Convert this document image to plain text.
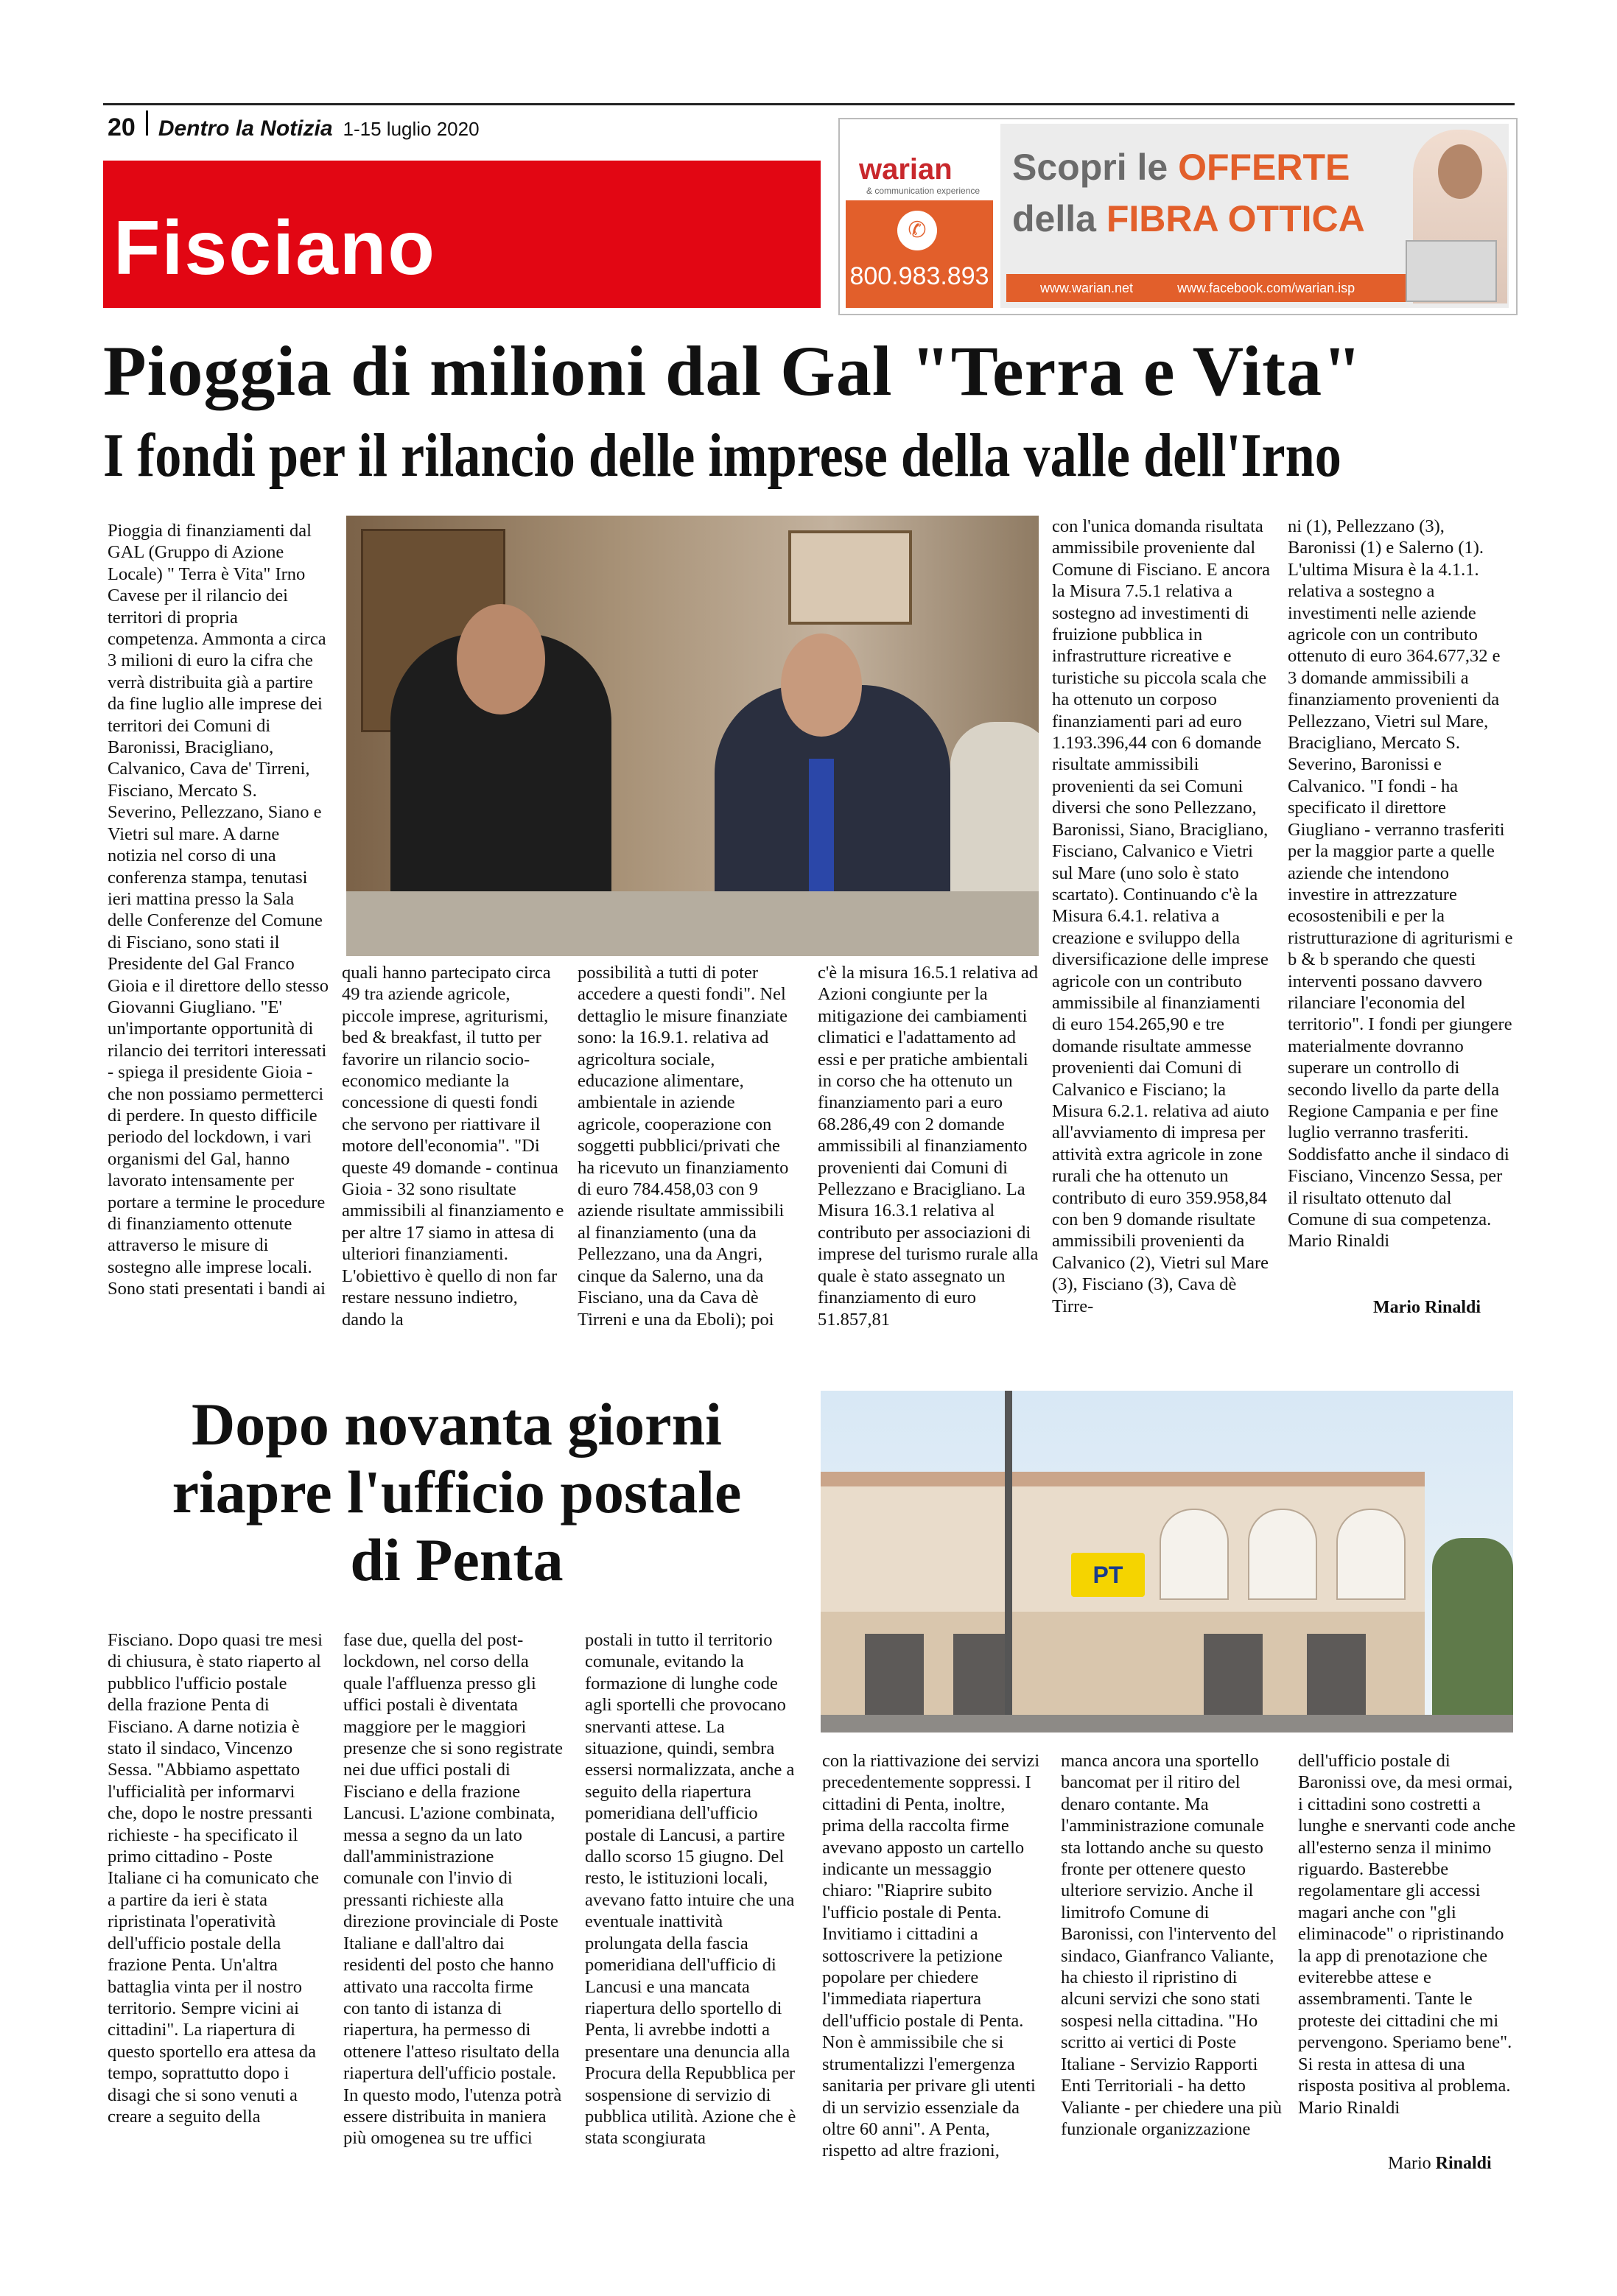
20 Dentro la Notizia 1-15 luglio 2020
Fisciano
warian
& communication experience
✆
800.983.893
Scopri le OFFERTE
della FIBRA OTTICA
www.warian.net	www.facebook.com/warian.isp
Pioggia di milioni dal Gal "Terra e Vita"
I fondi per il rilancio delle imprese della valle dell'Irno

Pioggia di finanziamenti dal GAL (Gruppo di Azione Locale) " Terra è Vita" Irno Cavese per il rilancio dei territori di propria competenza. Ammonta a circa 3 milioni di euro la cifra che verrà distribuita già a partire da fine luglio alle imprese dei territori dei Comuni di Baronissi, Bracigliano, Calvanico, Cava de' Tirreni, Fisciano, Mercato S. Severino, Pellezzano, Siano e Vietri sul mare. A darne notizia nel corso di una conferenza stampa, tenutasi ieri mattina presso la Sala delle Conferenze del Comune di Fisciano, sono stati il Presidente del Gal Franco Gioia e il direttore dello stesso Giovanni Giugliano. "E' un'importante opportunità di rilancio dei territori interessati - spiega il presidente Gioia - che non possiamo permetterci di perdere. In questo difficile periodo del lockdown, i vari organismi del Gal, hanno lavorato intensamente per portare a termine le procedure di finanziamento ottenute attraverso le misure di sostegno alle imprese locali. Sono stati presentati i bandi ai

quali hanno partecipato circa 49 tra aziende agricole, piccole imprese, agriturismi, bed & breakfast, il tutto per favorire un rilancio socio-economico mediante la concessione di questi fondi che servono per riattivare il motore dell'economia". "Di queste 49 domande - continua Gioia - 32 sono risultate ammissibili al finanziamento e per altre 17 siamo in attesa di ulteriori finanziamenti. L'obiettivo è quello di non far restare nessuno indietro, dando la

possibilità a tutti di poter accedere a questi fondi". Nel dettaglio le misure finanziate sono: la 16.9.1. relativa ad agricoltura sociale, educazione alimentare, ambientale in aziende agricole, cooperazione con soggetti pubblici/privati che ha ricevuto un finanziamento di euro 784.458,03 con 9 aziende risultate ammissibili al finanziamento (una da Pellezzano, una da Angri, cinque da Salerno, una da Fisciano, una da Cava dè Tirreni e una da Eboli); poi

c'è la misura 16.5.1 relativa ad Azioni congiunte per la mitigazione dei cambiamenti climatici e l'adattamento ad essi e per pratiche ambientali in corso che ha ottenuto un finanziamento pari a euro 68.286,49 con 2 domande ammissibili al finanziamento provenienti dai Comuni di Pellezzano e Bracigliano. La Misura 16.3.1 relativa al contributo per associazioni di imprese del turismo rurale alla quale è stato assegnato un finanziamento di euro 51.857,81

con l'unica domanda risultata ammissibile proveniente dal Comune di Fisciano. E ancora la Misura 7.5.1 relativa a sostegno ad investimenti di fruizione pubblica in infrastrutture ricreative e turistiche su piccola scala che ha ottenuto un corposo finanziamenti pari ad euro 1.193.396,44 con 6 domande risultate ammissibili provenienti da sei Comuni diversi che sono Pellezzano, Baronissi, Siano, Bracigliano, Fisciano, Calvanico e Vietri sul Mare (uno solo è stato scartato). Continuando c'è la Misura 6.4.1. relativa a creazione e sviluppo della diversificazione delle imprese agricole con un contributo ammissibile al finanziamenti di euro 154.265,90 e tre domande risultate ammesse provenienti dai Comuni di Calvanico e Fisciano; la Misura 6.2.1. relativa ad aiuto all'avviamento di impresa per attività extra agricole in zone rurali che ha ottenuto un contributo di euro 359.958,84 con ben 9 domande risultate ammissibili provenienti da Calvanico (2), Vietri sul Mare (3), Fisciano (3), Cava dè Tirre-

ni (1), Pellezzano (3), Baronissi (1) e Salerno (1). L'ultima Misura è la 4.1.1. relativa a sostegno a investimenti nelle aziende agricole con un contributo ottenuto di euro 364.677,32 e 3 domande ammissibili a finanziamento provenienti da Pellezzano, Vietri sul Mare, Bracigliano, Mercato S. Severino, Baronissi e Calvanico. "I fondi - ha specificato il direttore Giugliano - verranno trasferiti per la maggior parte a quelle aziende che intendono investire in attrezzature ecosostenibili e per la ristrutturazione di agriturismi e b & b sperando che questi interventi possano davvero rilanciare l'economia del territorio". I fondi per giungere materialmente dovranno superare un controllo di secondo livello da parte della Regione Campania e per fine luglio verranno trasferiti. Soddisfatto anche il sindaco di Fisciano, Vincenzo Sessa, per il risultato ottenuto dal Comune di sua competenza.

Mario Rinaldi

Mario Rinaldi
Dopo novanta giorni
riapre l'ufficio postale
di Penta	PT

Fisciano. Dopo quasi tre mesi di chiusura, è stato riaperto al pubblico l'ufficio postale della frazione Penta di Fisciano. A darne notizia è stato il sindaco, Vincenzo Sessa. "Abbiamo aspettato l'ufficialità per informarvi che, dopo le nostre pressanti richieste - ha specificato il primo cittadino - Poste Italiane ci ha comunicato che a partire da ieri è stata ripristinata l'operatività dell'ufficio postale della frazione Penta. Un'altra battaglia vinta per il nostro territorio. Sempre vicini ai cittadini". La riapertura di questo sportello era attesa da tempo, soprattutto dopo i disagi che si sono venuti a creare a seguito della

fase due, quella del post-lockdown, nel corso della quale l'affluenza presso gli uffici postali è diventata maggiore per le maggiori presenze che si sono registrate nei due uffici postali di Fisciano e della frazione Lancusi. L'azione combinata, messa a segno da un lato dall'amministrazione comunale con l'invio di pressanti richieste alla direzione provinciale di Poste Italiane e dall'altro dai residenti del posto che hanno attivato una raccolta firme con tanto di istanza di riapertura, ha permesso di ottenere l'atteso risultato della riapertura dell'ufficio postale. In questo modo, l'utenza potrà essere distribuita in maniera più omogenea su tre uffici

postali in tutto il territorio comunale, evitando la formazione di lunghe code agli sportelli che provocano snervanti attese. La situazione, quindi, sembra essersi normalizzata, anche a seguito della riapertura pomeridiana dell'ufficio postale di Lancusi, a partire dallo scorso 15 giugno. Del resto, le istituzioni locali, avevano fatto intuire che una eventuale inattività prolungata della fascia pomeridiana dell'ufficio di Lancusi e una mancata riapertura dello sportello di Penta, li avrebbe indotti a presentare una denuncia alla Procura della Repubblica per sospensione di servizio di pubblica utilità. Azione che è stata scongiurata

con la riattivazione dei servizi precedentemente soppressi. I cittadini di Penta, inoltre, prima della raccolta firme avevano apposto un cartello indicante un messaggio chiaro: "Riaprire subito l'ufficio postale di Penta. Invitiamo i cittadini a sottoscrivere la petizione popolare per chiedere l'immediata riapertura dell'ufficio postale di Penta. Non è ammissibile che si strumentalizzi l'emergenza sanitaria per privare gli utenti di un servizio essenziale da oltre 60 anni". A Penta, rispetto ad altre frazioni,

manca ancora una sportello bancomat per il ritiro del denaro contante. Ma l'amministrazione comunale sta lottando anche su questo fronte per ottenere questo ulteriore servizio. Anche il limitrofo Comune di Baronissi, con l'intervento del sindaco, Gianfranco Valiante, ha chiesto il ripristino di alcuni servizi che sono stati sospesi nella cittadina. "Ho scritto ai vertici di Poste Italiane - Servizio Rapporti Enti Territoriali - ha detto Valiante - per chiedere una più funzionale organizzazione

dell'ufficio postale di Baronissi ove, da mesi ormai, i cittadini sono costretti a lunghe e snervanti code anche all'esterno senza il minimo riguardo. Basterebbe regolamentare gli accessi magari anche con "gli eliminacode" o ripristinando la app di prenotazione che eviterebbe attese e assembramenti. Tante le proteste dei cittadini che mi pervengono. Speriamo bene". Si resta in attesa di una risposta positiva al problema.

Mario Rinaldi

Mario Rinaldi
